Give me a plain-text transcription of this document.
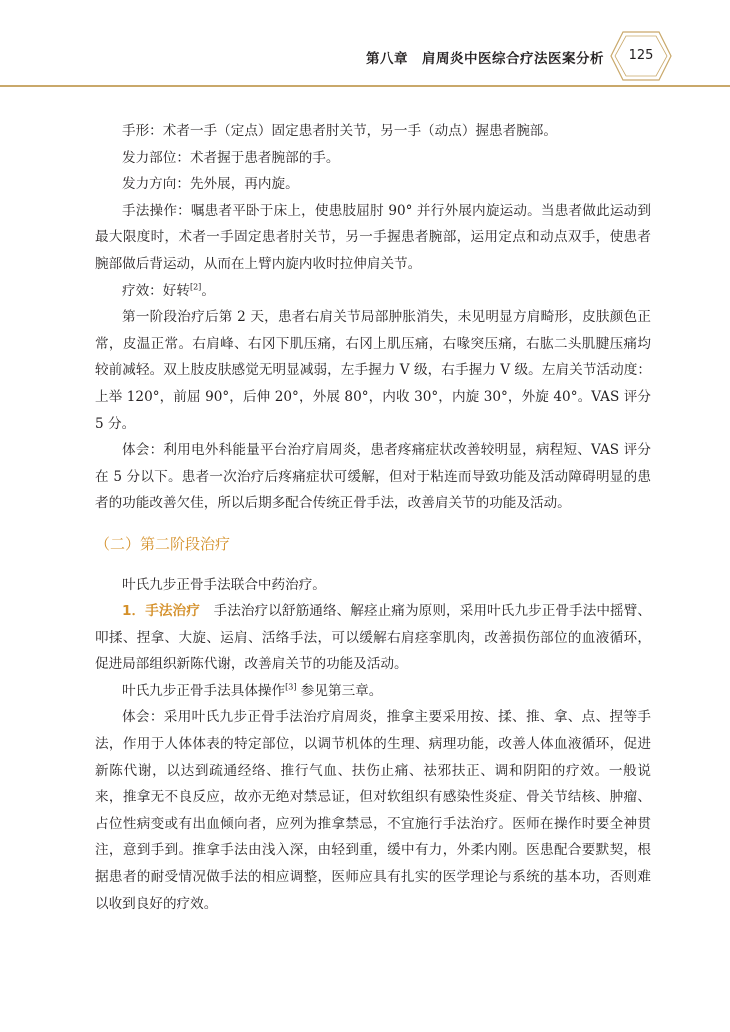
第八章　肩周炎中医综合疗法医案分析	125

手形：术者一手（定点）固定患者肘关节，另一手（动点）握患者腕部。

发力部位：术者握于患者腕部的手。

发力方向：先外展，再内旋。

手法操作：嘱患者平卧于床上，使患肢屈肘 90° 并行外展内旋运动。当患者做此运动到最大限度时，术者一手固定患者肘关节，另一手握患者腕部，运用定点和动点双手，使患者腕部做后背运动，从而在上臂内旋内收时拉伸肩关节。

疗效：好转[2]。

第一阶段治疗后第 2 天，患者右肩关节局部肿胀消失，未见明显方肩畸形，皮肤颜色正常，皮温正常。右肩峰、右冈下肌压痛，右冈上肌压痛，右喙突压痛，右肱二头肌腱压痛均较前减轻。双上肢皮肤感觉无明显减弱，左手握力 V 级，右手握力 V 级。左肩关节活动度：上举 120°，前屈 90°，后伸 20°，外展 80°，内收 30°，内旋 30°，外旋 40°。VAS 评分 5 分。

体会：利用电外科能量平台治疗肩周炎，患者疼痛症状改善较明显，病程短、VAS 评分在 5 分以下。患者一次治疗后疼痛症状可缓解，但对于粘连而导致功能及活动障碍明显的患者的功能改善欠佳，所以后期多配合传统正骨手法，改善肩关节的功能及活动。

（二）第二阶段治疗

叶氏九步正骨手法联合中药治疗。

1．手法治疗　手法治疗以舒筋通络、解痉止痛为原则，采用叶氏九步正骨手法中摇臂、叩揉、捏拿、大旋、运肩、活络手法，可以缓解右肩痉挛肌肉，改善损伤部位的血液循环，促进局部组织新陈代谢，改善肩关节的功能及活动。

叶氏九步正骨手法具体操作[3] 参见第三章。

体会：采用叶氏九步正骨手法治疗肩周炎，推拿主要采用按、揉、推、拿、点、捏等手法，作用于人体体表的特定部位，以调节机体的生理、病理功能，改善人体血液循环，促进新陈代谢，以达到疏通经络、推行气血、扶伤止痛、祛邪扶正、调和阴阳的疗效。一般说来，推拿无不良反应，故亦无绝对禁忌证，但对软组织有感染性炎症、骨关节结核、肿瘤、占位性病变或有出血倾向者，应列为推拿禁忌，不宜施行手法治疗。医师在操作时要全神贯注，意到手到。推拿手法由浅入深，由轻到重，缓中有力，外柔内刚。医患配合要默契，根据患者的耐受情况做手法的相应调整，医师应具有扎实的医学理论与系统的基本功，否则难以收到良好的疗效。
